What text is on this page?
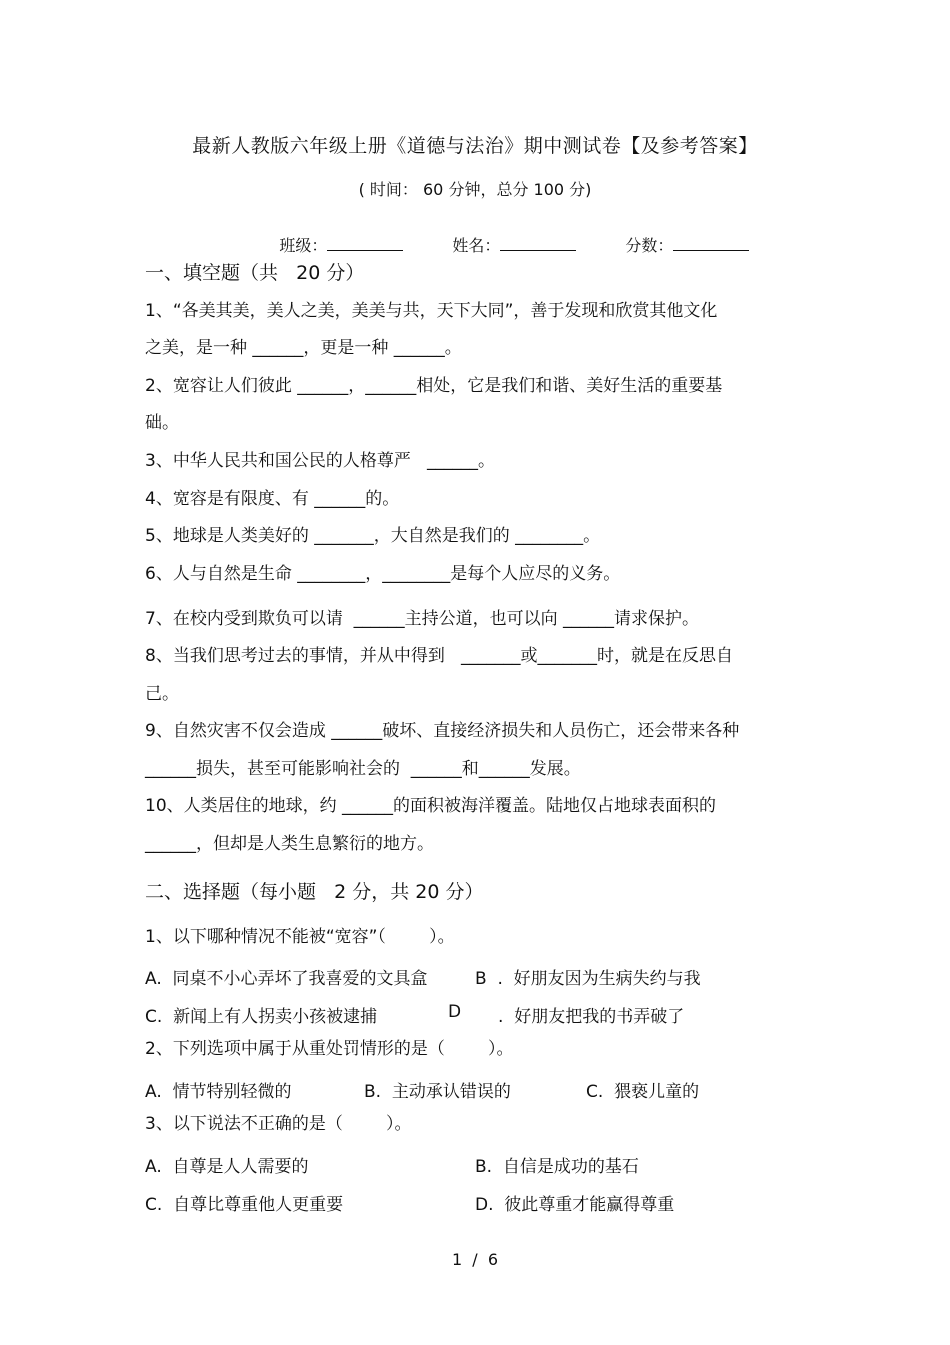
最新人教版六年级上册《道德与法治》期中测试卷【及参考答案】
( 时间： 60 分钟，总分 100 分)

班级：
	姓名：
	分数：

一、填空题（共   20 分）
1、“各美其美，美人之美，美美与共，天下大同”，善于发现和欣赏其他文化
之美，是一种 ______，更是一种 ______。
2、宽容让人们彼此 ______，______相处，它是我们和谐、美好生活的重要基
础。
3、中华人民共和国公民的人格尊严   ______。
4、宽容是有限度、有 ______的。
5、地球是人类美好的 _______，大自然是我们的 ________。
6、人与自然是生命 ________，________是每个人应尽的义务。
7、在校内受到欺负可以请  ______主持公道，也可以向 ______请求保护。
8、当我们思考过去的事情，并从中得到   _______或_______时，就是在反思自
己。
9、自然灾害不仅会造成 ______破坏、直接经济损失和人员伤亡，还会带来各种
______损失，甚至可能影响社会的  ______和______发展。
10、人类居住的地球，约 ______的面积被海洋覆盖。陆地仅占地球表面积的
______，但却是人类生息繁衍的地方。
二、选择题（每小题   2 分，共 20 分）
1、以下哪种情况不能被“宽容”（        ）。
A.  同桌不小心弄坏了我喜爱的文具盒	B  .  好朋友因为生病失约与我
C.  新闻上有人拐卖小孩被逮捕	D .  好朋友把我的书弄破了
2、下列选项中属于从重处罚情形的是（        ）。
A.  情节特别轻微的	B.  主动承认错误的	C.  猥亵儿童的
3、以下说法不正确的是（        ）。
A.  自尊是人人需要的	B.  自信是成功的基石
C.  自尊比尊重他人更重要	D.  彼此尊重才能赢得尊重
1  /  6
